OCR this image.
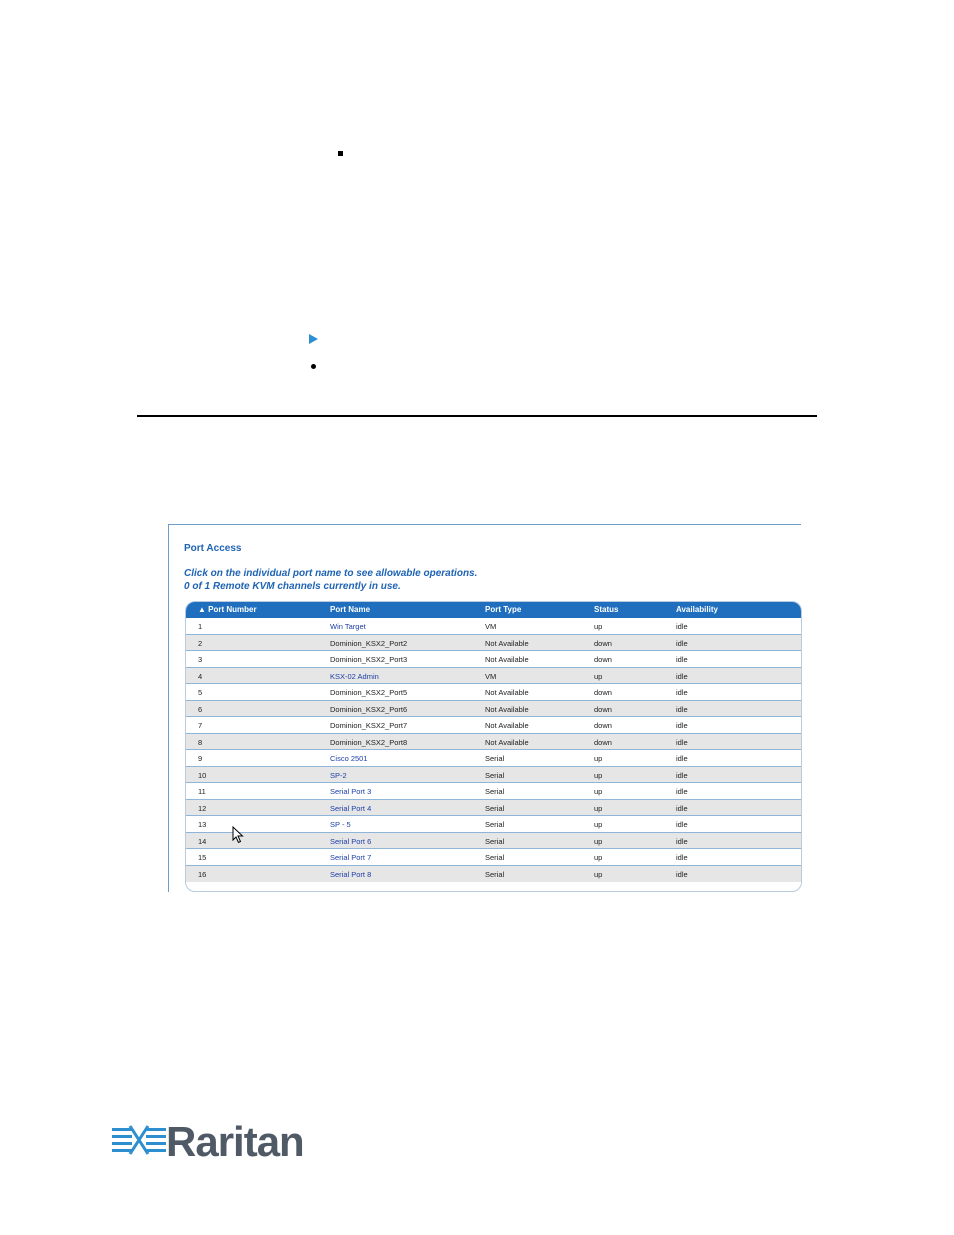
Port Access
Click on the individual port name to see allowable operations.
0 of 1 Remote KVM channels currently in use.
▲ Port Number	Port Name	Port Type	Status	Availability
1	Win Target	VM	up	idle
2	Dominion_KSX2_Port2	Not Available	down	idle
3	Dominion_KSX2_Port3	Not Available	down	idle
4	KSX-02 Admin	VM	up	idle
5	Dominion_KSX2_Port5	Not Available	down	idle
6	Dominion_KSX2_Port6	Not Available	down	idle
7	Dominion_KSX2_Port7	Not Available	down	idle
8	Dominion_KSX2_Port8	Not Available	down	idle
9	Cisco 2501	Serial	up	idle
10	SP-2	Serial	up	idle
11	Serial Port 3	Serial	up	idle
12	Serial Port 4	Serial	up	idle
13	SP - 5	Serial	up	idle
14	Serial Port 6	Serial	up	idle
15	Serial Port 7	Serial	up	idle
16	Serial Port 8	Serial	up	idle
Raritan
